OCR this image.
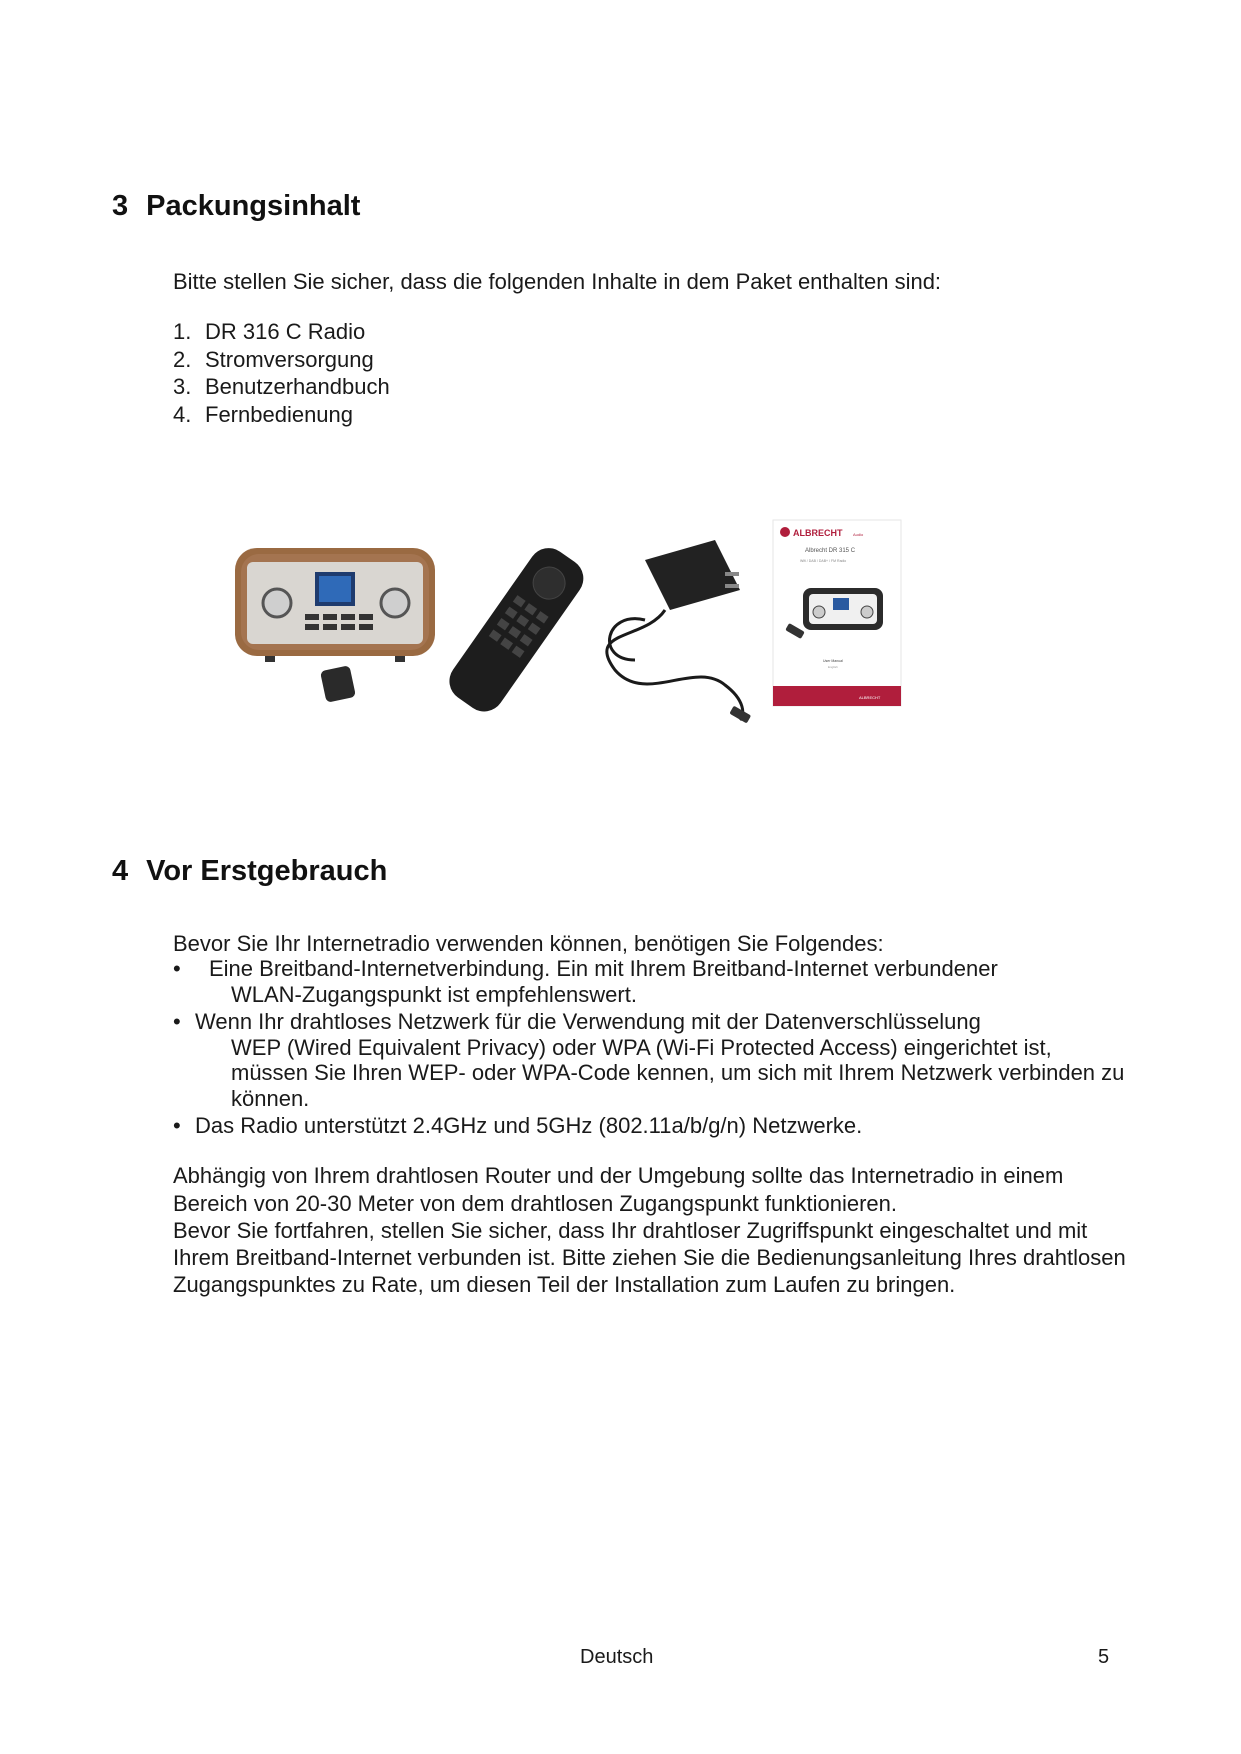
3 Packungsinhalt

Bitte stellen Sie sicher, dass die folgenden Inhalte in dem Paket enthalten sind:

1. DR 316 C Radio
2. Stromversorgung
3. Benutzerhandbuch
4. Fernbedienung
ALBRECHT	Audio
Albrecht DR 315 C
Wifi / DAB / DAB+ / FM Radio
User Manual
English
ALBRECHT
4 Vor Erstgebrauch

Bevor Sie Ihr Internetradio verwenden können, benötigen Sie Folgendes:

•	Eine Breitband-Internetverbindung. Ein mit Ihrem Breitband-Internet verbundener
WLAN-Zugangspunkt ist empfehlenswert.
• Wenn Ihr drahtloses Netzwerk für die Verwendung mit der Datenverschlüsselung
WEP (Wired Equivalent Privacy) oder WPA (Wi-Fi Protected Access) eingerichtet ist, müssen Sie Ihren WEP- oder WPA-Code kennen, um sich mit Ihrem Netzwerk verbinden zu können.
• Das Radio unterstützt 2.4GHz und 5GHz (802.11a/b/g/n) Netzwerke.

Abhängig von Ihrem drahtlosen Router und der Umgebung sollte das Internetradio in einem Bereich von 20-30 Meter von dem drahtlosen Zugangspunkt funktionieren.

Bevor Sie fortfahren, stellen Sie sicher, dass Ihr drahtloser Zugriffspunkt eingeschaltet und mit Ihrem Breitband-Internet verbunden ist. Bitte ziehen Sie die Bedienungsanleitung Ihres drahtlosen Zugangspunktes zu Rate, um diesen Teil der Installation zum Laufen zu bringen.

Deutsch	5
